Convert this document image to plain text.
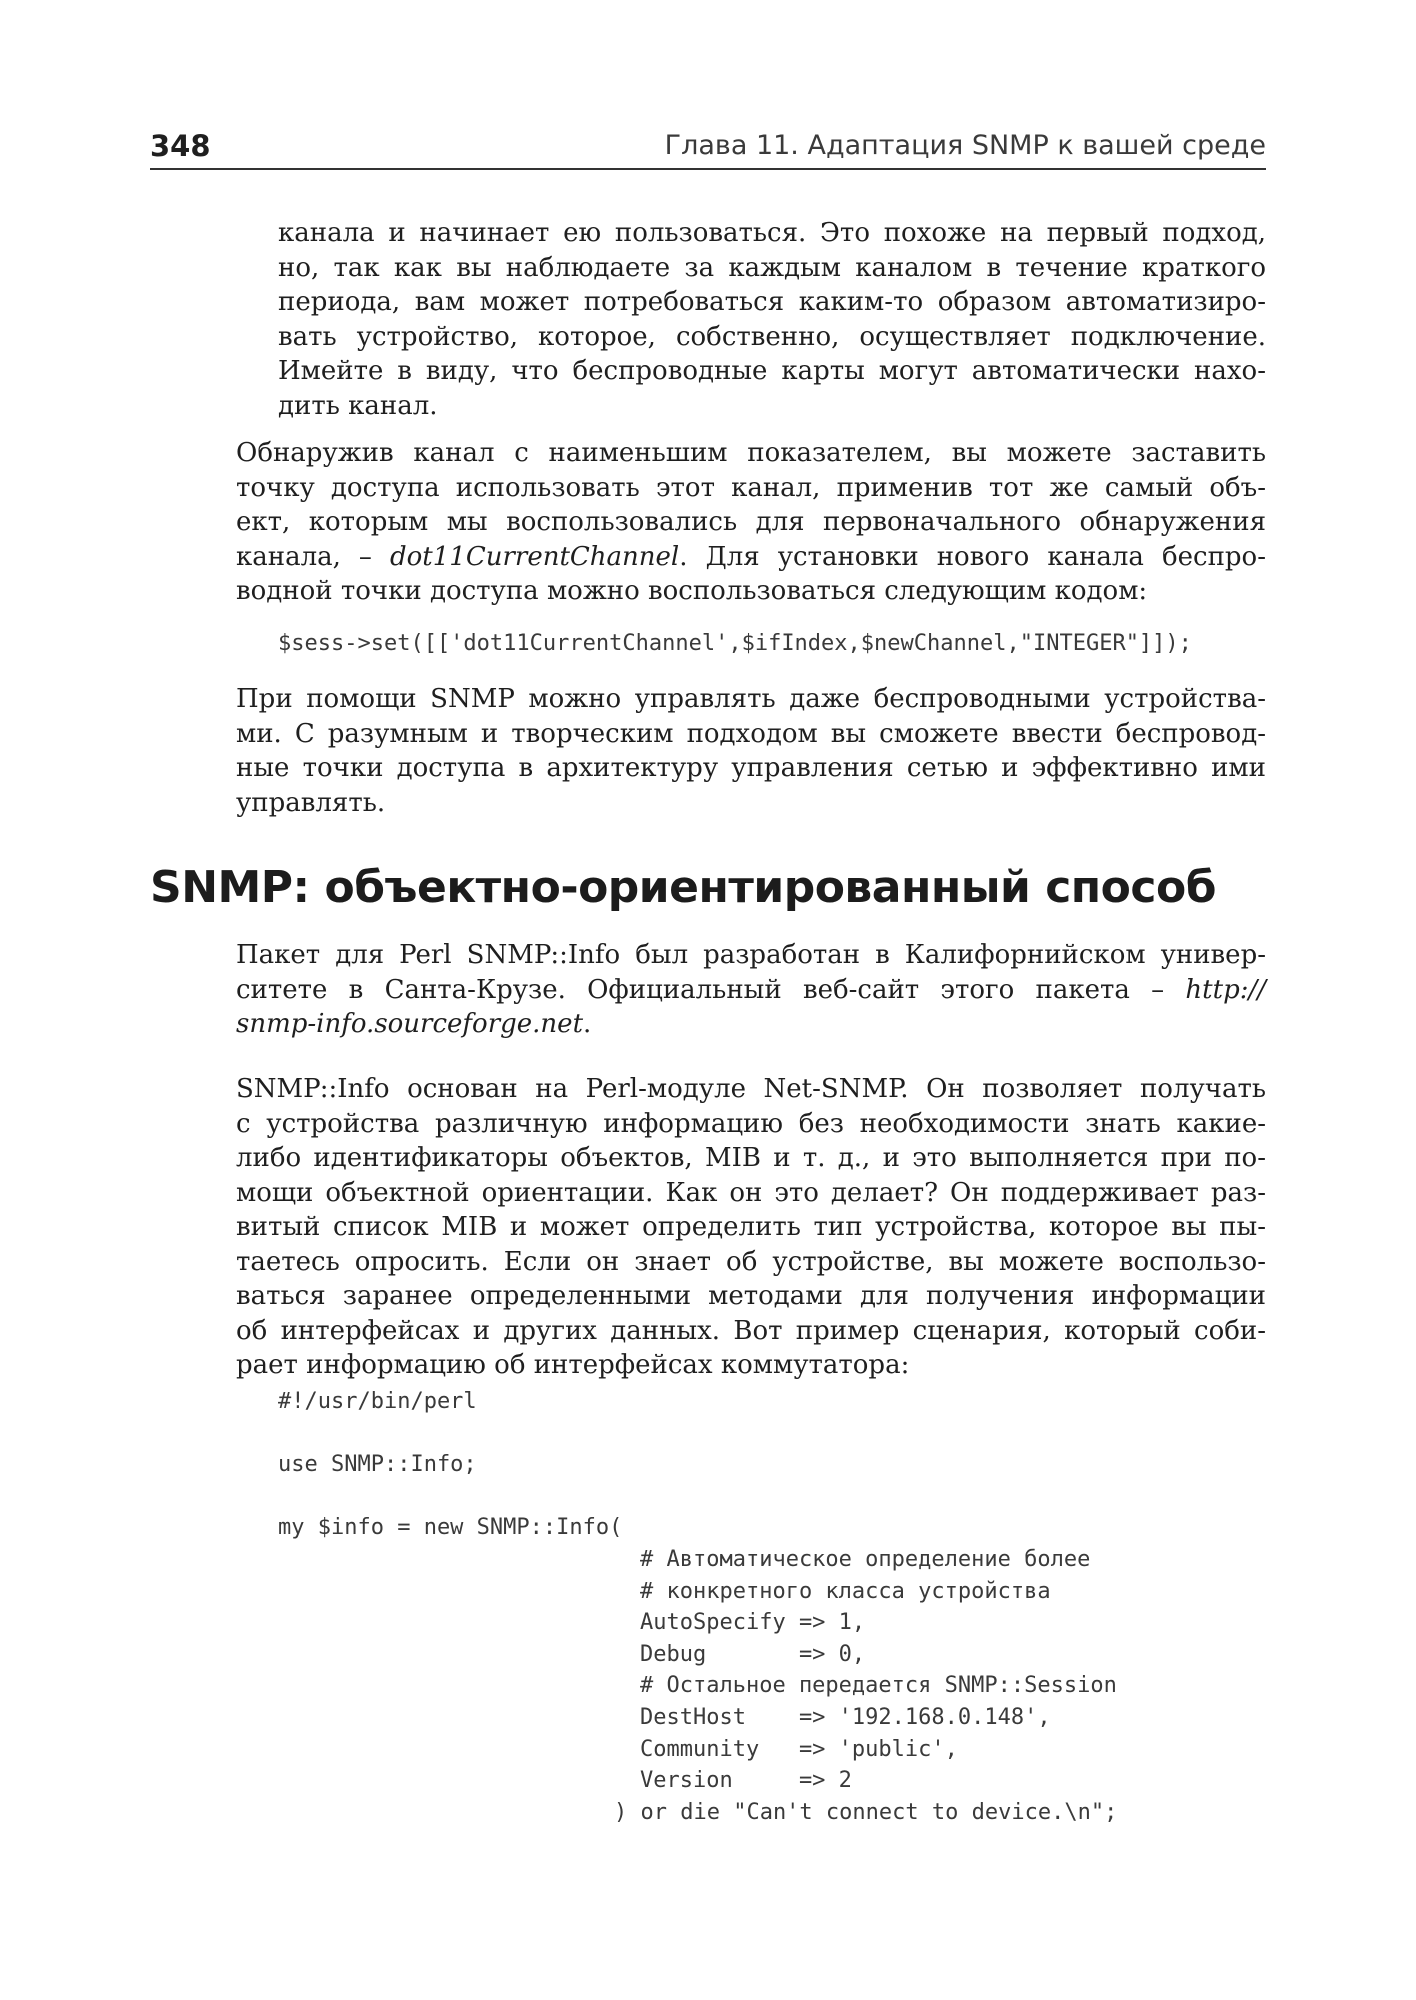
348	Глава 11. Адаптация SNMP к вашей среде
канала и начинает ею пользоваться. Это похоже на первый подход,
но, так как вы наблюдаете за каждым каналом в течение краткого
периода, вам может потребоваться каким-то образом автоматизиро-
вать устройство, которое, собственно, осуществляет подключение.
Имейте в виду, что беспроводные карты могут автоматически нахо-
дить канал.
Обнаружив канал с наименьшим показателем, вы можете заставить
точку доступа использовать этот канал, применив тот же самый объ-
ект, которым мы воспользовались для первоначального обнаружения
канала, – dot11CurrentChannel. Для установки нового канала беспро-
водной точки доступа можно воспользоваться следующим кодом:
$sess->set([['dot11CurrentChannel',$ifIndex,$newChannel,"INTEGER"]]);
При помощи SNMP можно управлять даже беспроводными устройства-
ми. С разумным и творческим подходом вы сможете ввести беспровод-
ные точки доступа в архитектуру управления сетью и эффективно ими
управлять.
SNMP: объектно-ориентированный способ
Пакет для Perl SNMP::Info был разработан в Калифорнийском универ-
ситете в Санта-Крузе. Официальный веб-сайт этого пакета – http://
snmp-info.sourceforge.net.
SNMP::Info основан на Perl-модуле Net-SNMP. Он позволяет получать
с устройства различную информацию без необходимости знать какие-
либо идентификаторы объектов, MIB и т. д., и это выполняется при по-
мощи объектной ориентации. Как он это делает? Он поддерживает раз-
витый список MIB и может определить тип устройства, которое вы пы-
таетесь опросить. Если он знает об устройстве, вы можете воспользо-
ваться заранее определенными методами для получения информации
об интерфейсах и других данных. Вот пример сценария, который соби-
рает информацию об интерфейсах коммутатора:
#!/usr/bin/perl
use SNMP::Info;
my $info = new SNMP::Info(
# Автоматическое определение более
# конкретного класса устройства
AutoSpecify => 1,
Debug       => 0,
# Остальное передается SNMP::Session
DestHost    => '192.168.0.148',
Community   => 'public',
Version     => 2
) or die "Can't connect to device.\n";
